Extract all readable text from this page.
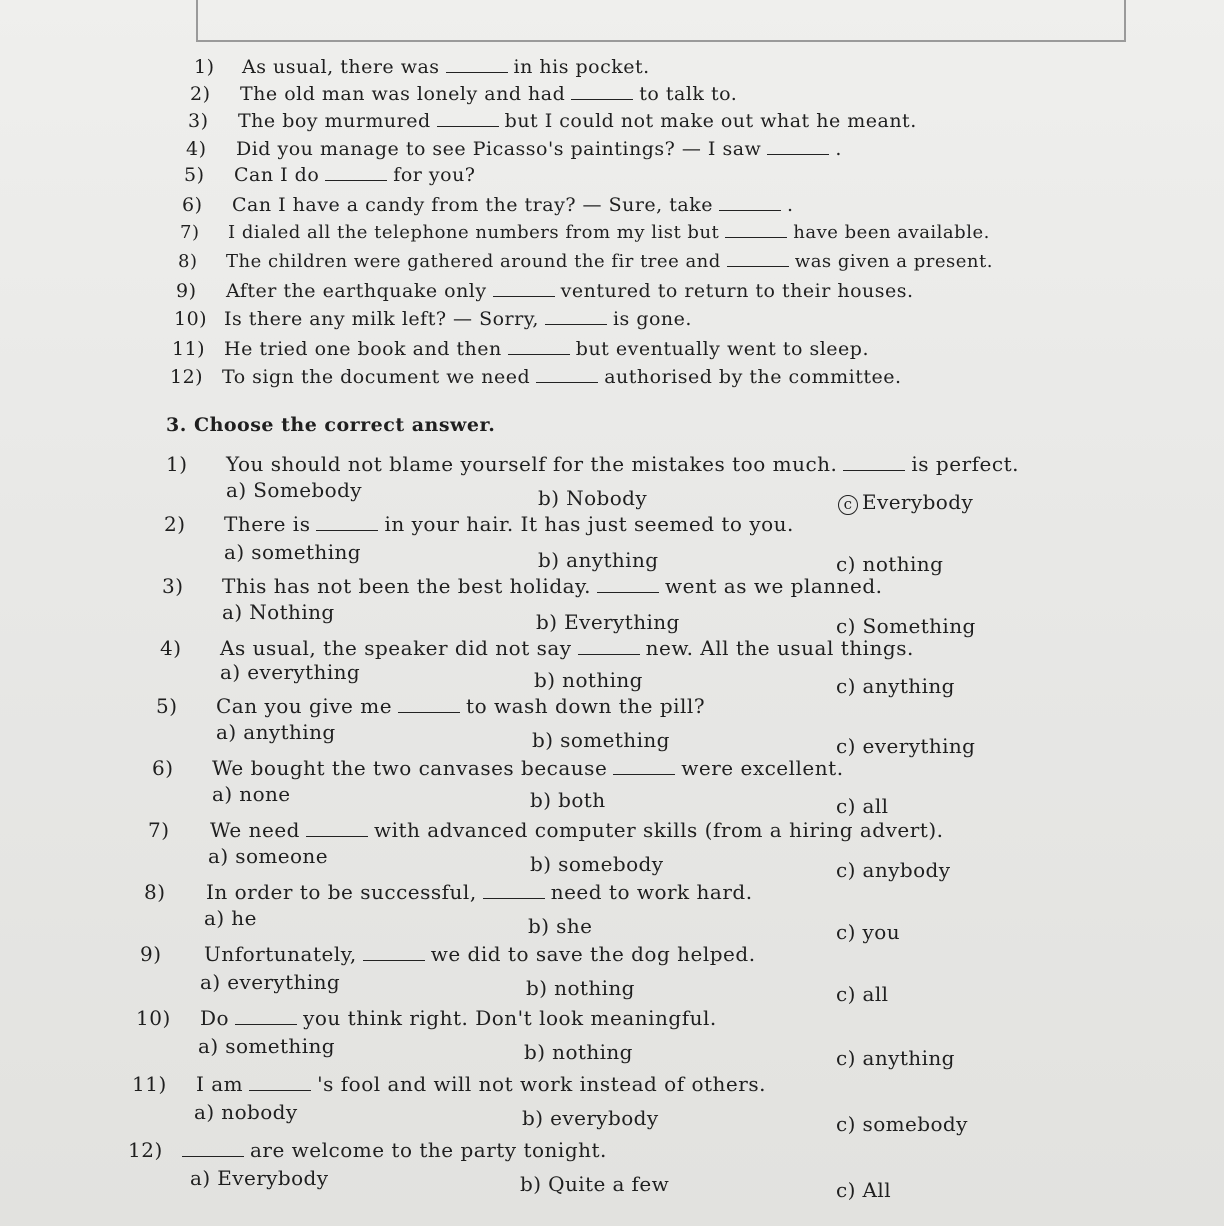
1) As usual, there was	in his pocket.
2) The old man was lonely and had	to talk to.
3) The boy murmured	but I could not make out what he meant.
4) Did you manage to see Picasso's paintings? — I saw	.
5) Can I do	for you?
6) Can I have a candy from the tray? — Sure, take	.
7) I dialed all the telephone numbers from my list but	have been available.
8) The children were gathered around the fir tree and	was given a present.
9) After the earthquake only	ventured to return to their houses.
10) Is there any milk left? — Sorry,	is gone.
11) He tried one book and then	but eventually went to sleep.
12) To sign the document we need	authorised by the committee.
3. Choose the correct answer.
1) You should not blame yourself for the mistakes too much.	is perfect.
a) Somebody	b) Nobody	c Everybody
2) There is	in your hair. It has just seemed to you.
a) something	b) anything	c) nothing
3) This has not been the best holiday.	went as we planned.
a) Nothing	b) Everything	c) Something
4) As usual, the speaker did not say	new. All the usual things.
a) everything	b) nothing	c) anything
5) Can you give me	to wash down the pill?
a) anything	b) something	c) everything
6) We bought the two canvases because	were excellent.
a) none	b) both	c) all
7) We need	with advanced computer skills (from a hiring advert).
a) someone	b) somebody	c) anybody
8) In order to be successful,	need to work hard.
a) he	b) she	c) you
9) Unfortunately,	we did to save the dog helped.
a) everything	b) nothing	c) all
10) Do	you think right. Don't look meaningful.
a) something	b) nothing	c) anything
11) I am	's fool and will not work instead of others.
a) nobody	b) everybody	c) somebody
12)	are welcome to the party tonight.
a) Everybody	b) Quite a few	c) All
